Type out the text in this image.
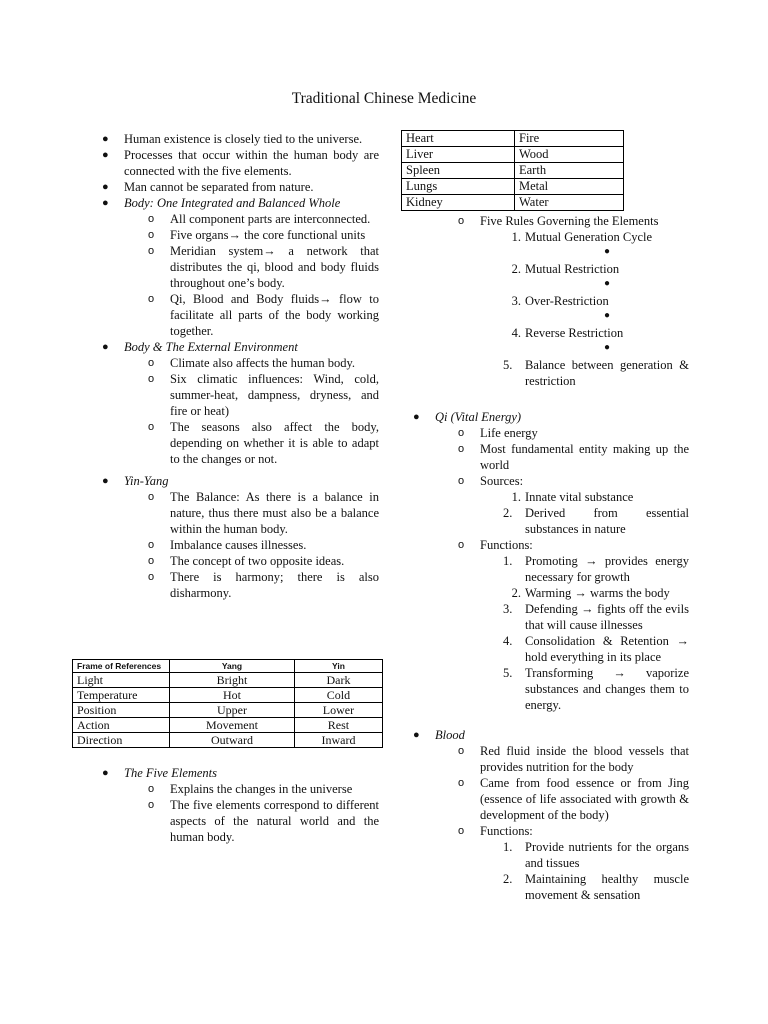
Traditional Chinese Medicine
● Human existence is closely tied to the universe.
● Processes that occur within the human body are connected with the five elements.
● Man cannot be separated from nature.
● Body: One Integrated and Balanced Whole
o All component parts are interconnected.
o Five organs→ the core functional units
o Meridian system→ a network that distributes the qi, blood and body fluids throughout one’s body.
o Qi, Blood and Body fluids→ flow to facilitate all parts of the body working together.
● Body & The External Environment
o Climate also affects the human body.
o Six climatic influences: Wind, cold, summer-heat, dampness, dryness, and fire or heat)
o The seasons also affect the body, depending on whether it is able to adapt to the changes or not.
● Yin-Yang
o The Balance: As there is a balance in nature, thus there must also be a balance within the human body.
o Imbalance causes illnesses.
o The concept of two opposite ideas.
o There is harmony; there is also disharmony.
Frame of References	Yang	Yin
Light	Bright	Dark
Temperature	Hot	Cold
Position	Upper	Lower
Action	Movement	Rest
Direction	Outward	Inward
● The Five Elements
o Explains the changes in the universe
o The five elements correspond to different aspects of the natural world and the human body.
Heart	Fire
Liver	Wood
Spleen	Earth
Lungs	Metal
Kidney	Water
o Five Rules Governing the Elements
1. Mutual Generation Cycle
●
2. Mutual Restriction
●
3. Over-Restriction
●
4. Reverse Restriction
●
5.	Balance between generation & restriction
● Qi (Vital Energy)
o Life energy
o Most fundamental entity making up the world
o Sources:
1. Innate vital substance
2.	Derived from essential substances in nature
o Functions:
1.	Promoting → provides energy necessary for growth
2. Warming → warms the body
3.	Defending → fights off the evils that will cause illnesses
4.	Consolidation & Retention → hold everything in its place
5.	Transforming → vaporize substances and changes them to energy.
● Blood
o Red fluid inside the blood vessels that provides nutrition for the body
o Came from food essence or from Jing (essence of life associated with growth & development of the body)
o Functions:
1.	Provide nutrients for the organs and tissues
2.	Maintaining healthy muscle movement & sensation
